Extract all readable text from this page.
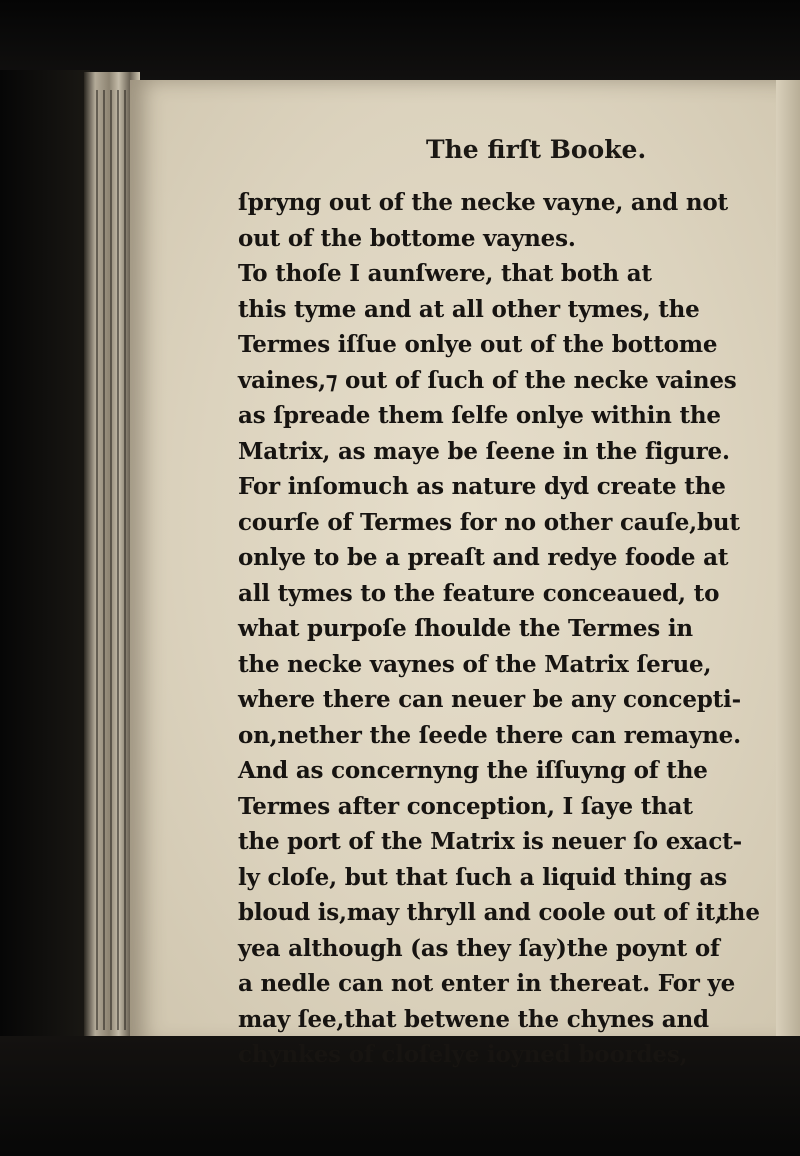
The firſt Booke.

ſpryng out of the necke vayne, and not
out of the bottome vaynes.
To thoſe I aunſwere, that both at
this tyme and at all other tymes, the
Termes iſſue onlye out of the bottome
vaines,⁊ out of ſuch of the necke vaines
as ſpreade them ſelfe onlye within the
Matrix, as maye be ſeene in the figure.
For inſomuch as nature dyd create the
courſe of Termes for no other cauſe,but
onlye to be a preaſt and redye foode at
all tymes to the feature conceaued, to
what purpoſe ſhoulde the Termes in
the necke vaynes of the Matrix ſerue,
where there can neuer be any concepti-
on,nether the ſeede there can remayne.
And as concernyng the iſſuyng of the
Termes after conception, I ſaye that
the port of the Matrix is neuer ſo exact-
ly cloſe, but that ſuch a liquid thing as
bloud is,may thryll and coole out of it,
yea although (as they ſay)the poynt of
a nedle can not enter in thereat. For ye
may ſee,that betwene the chynes and
chynkes of cloſelye ioyned boordes,
the
